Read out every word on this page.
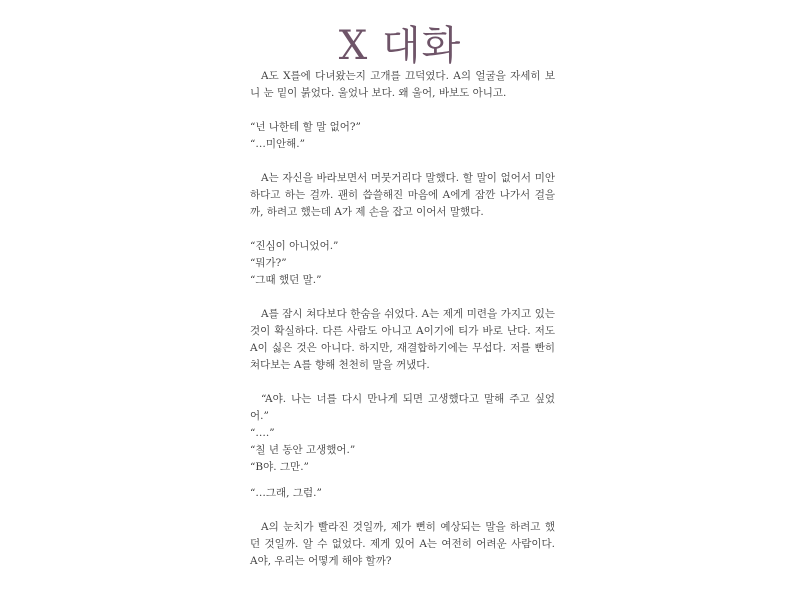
X 대화

A도 X를에 다녀왔는지 고개를 끄덕였다. A의 얼굴을 자세히 보니 눈 밑이 붉었다. 울었나 보다. 왜 울어, 바보도 아니고.

“넌 나한테 할 말 없어?”

“…미안해.”

A는 자신을 바라보면서 머뭇거리다 말했다. 할 말이 없어서 미안하다고 하는 걸까. 괜히 씁쓸해진 마음에 A에게 잠깐 나가서 걸을까, 하려고 했는데 A가 제 손을 잡고 이어서 말했다.

“진심이 아니었어.”

“뭐가?”

“그때 했던 말.”

A를 잠시 쳐다보다 한숨을 쉬었다. A는 제게 미련을 가지고 있는 것이 확실하다. 다른 사람도 아니고 A이기에 티가 바로 난다. 저도 A이 싫은 것은 아니다. 하지만, 재결합하기에는 무섭다. 저를 빤히 쳐다보는 A를 향해 천천히 말을 꺼냈다.

“A야. 나는 너를 다시 만나게 되면 고생했다고 말해 주고 싶었어.”

“….”

“칠 년 동안 고생했어.”

“B야. 그만.”

“…그래, 그럼.”

A의 눈치가 빨라진 것일까, 제가 뻔히 예상되는 말을 하려고 했던 것일까. 알 수 없었다. 제게 있어 A는 여전히 어려운 사람이다. A야, 우리는 어떻게 해야 할까?
